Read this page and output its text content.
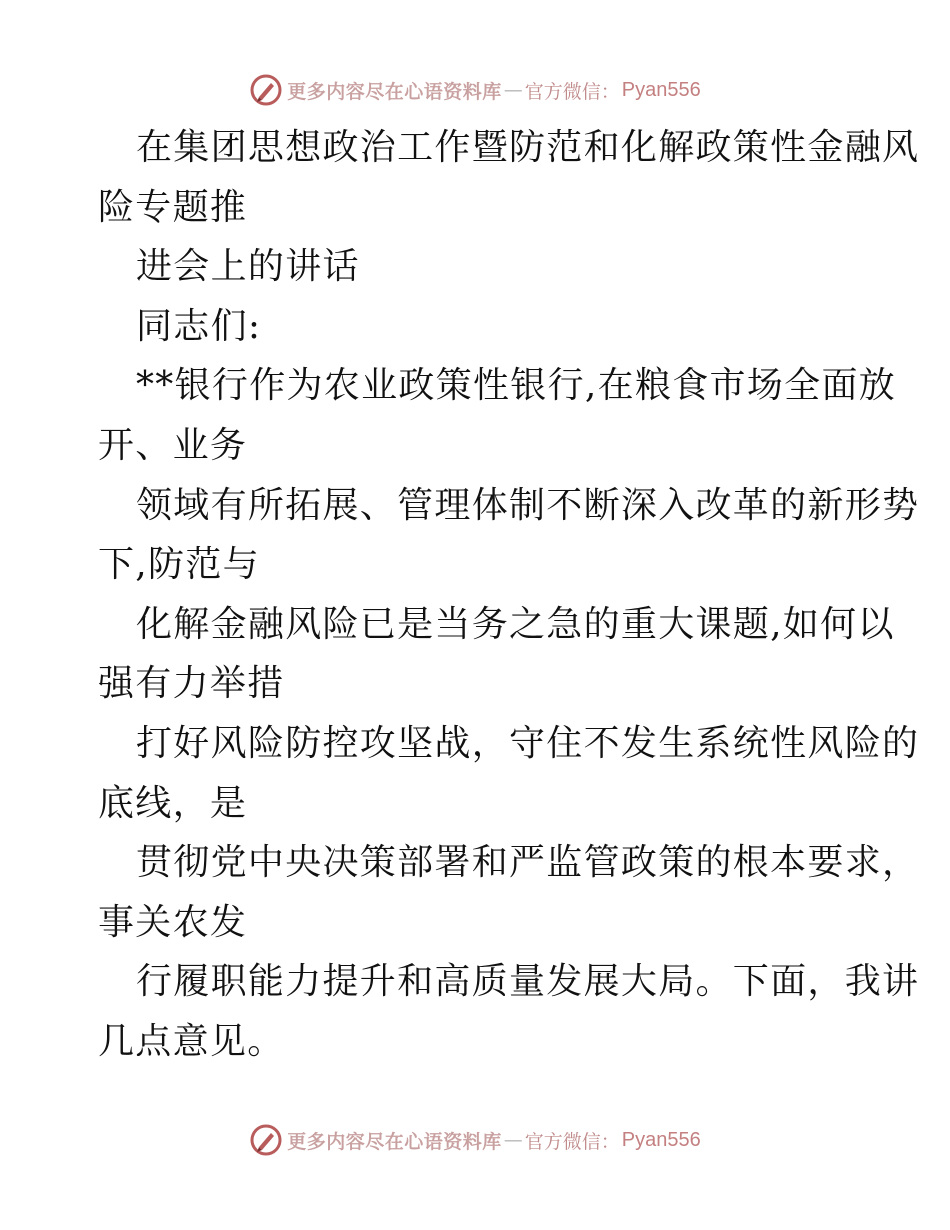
更多内容尽在心语资料库 — 官方微信： Pyan556
在集团思想政治工作暨防范和化解政策性金融风
险专题推
进会上的讲话
同志们:
**银行作为农业政策性银行,在粮食市场全面放
开、业务
领域有所拓展、管理体制不断深入改革的新形势
下,防范与
化解金融风险已是当务之急的重大课题,如何以
强有力举措
打好风险防控攻坚战，守住不发生系统性风险的
底线，是
贯彻党中央决策部署和严监管政策的根本要求，
事关农发
行履职能力提升和高质量发展大局。下面，我讲
几点意见。
更多内容尽在心语资料库 — 官方微信： Pyan556
